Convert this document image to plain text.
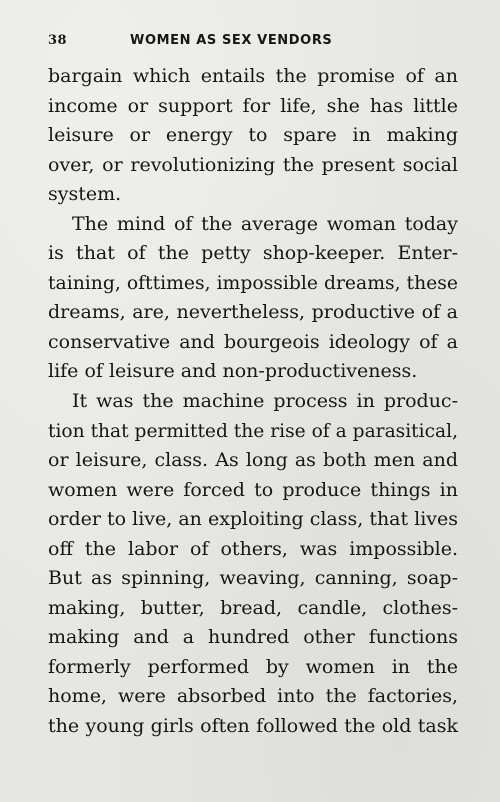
38	WOMEN AS SEX VENDORS
bargain which entails the promise of an
income or support for life, she has little
leisure or energy to spare in making
over, or revolutionizing the present social
system.
The mind of the average woman today
is that of the petty shop-keeper. Enter-
taining, ofttimes, impossible dreams, these
dreams, are, nevertheless, productive of a
conservative and bourgeois ideology of a
life of leisure and non-productiveness.
It was the machine process in produc-
tion that permitted the rise of a parasitical,
or leisure, class. As long as both men and
women were forced to produce things in
order to live, an exploiting class, that lives
off the labor of others, was impossible.
But as spinning, weaving, canning, soap-
making, butter, bread, candle, clothes-
making and a hundred other functions
formerly performed by women in the
home, were absorbed into the factories,
the young girls often followed the old task
